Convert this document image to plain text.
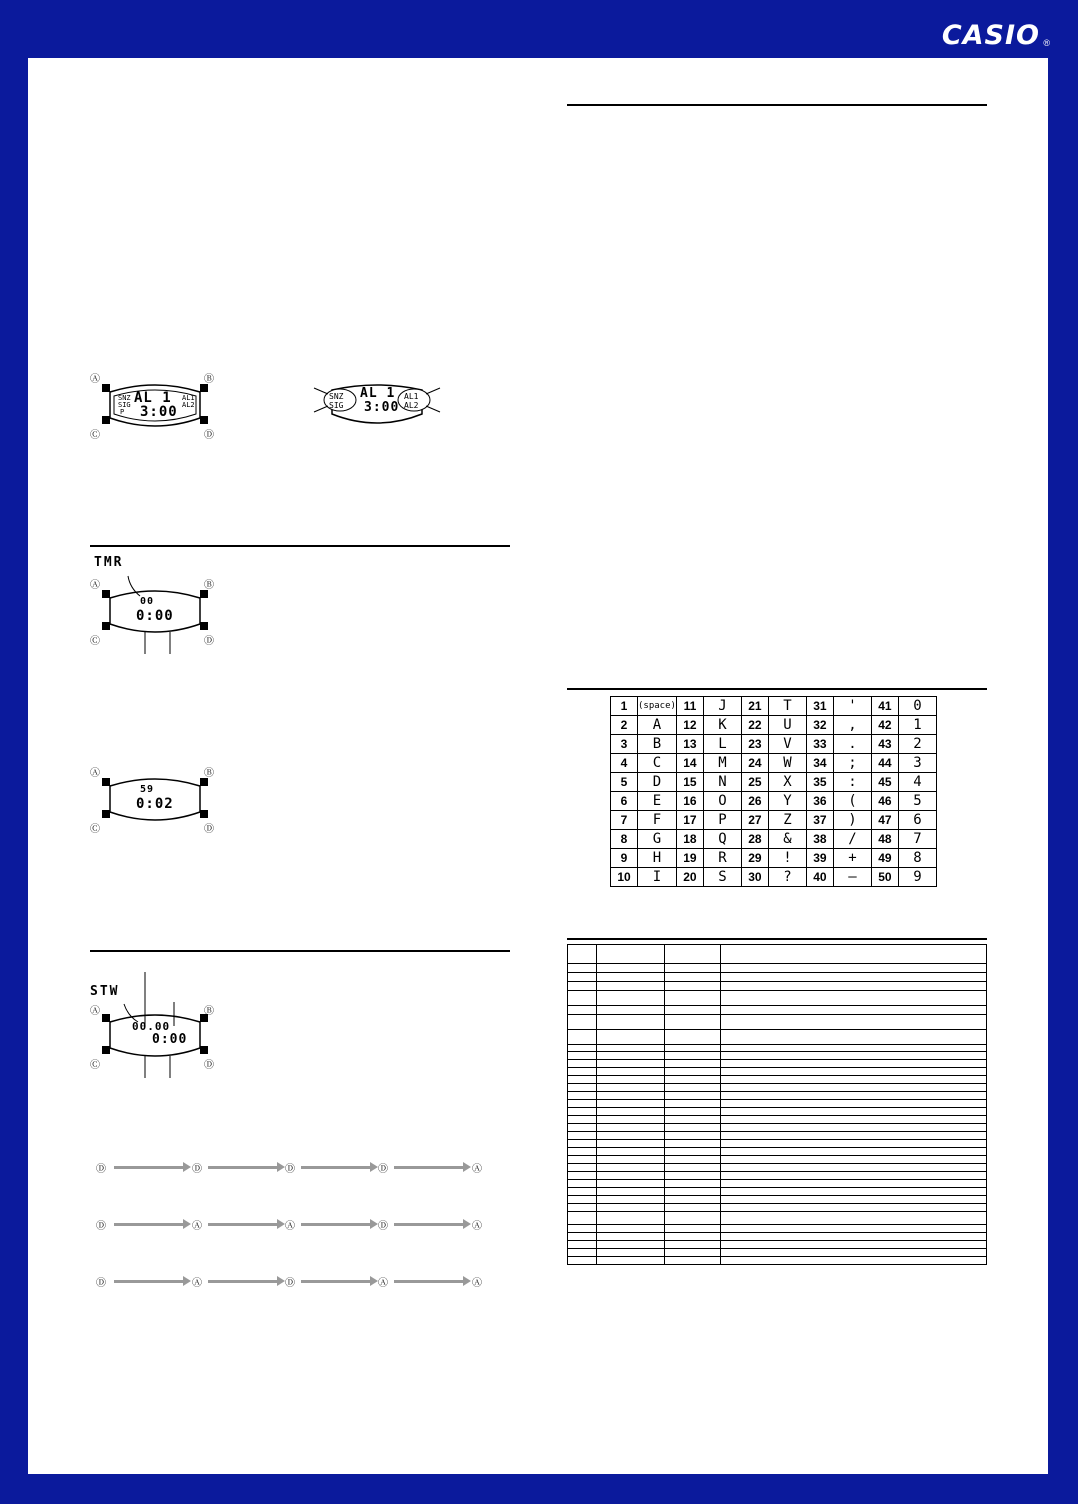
CASIO ®
Ⓐ	Ⓑ
Ⓒ	Ⓓ
SNZ
SIG
P
AL1
AL2
AL 1
3:00
SNZ
SIG
AL1
AL2
AL 1
3:00
TMR
Ⓐ	Ⓑ
Ⓒ	Ⓓ
00
0:00
Ⓐ	Ⓑ
Ⓒ	Ⓓ
59
0:02
STW
Ⓐ	Ⓑ
Ⓒ	Ⓓ
00.00
0:00
Ⓓ	Ⓓ	Ⓓ	Ⓓ	Ⓐ
Ⓓ	Ⓐ	Ⓐ	Ⓓ	Ⓐ
Ⓓ	Ⓐ	Ⓓ	Ⓐ	Ⓐ
1	(space)	11	J	21	T	31	'	41	0
2	A	12	K	22	U	32	,	42	1
3	B	13	L	23	V	33	.	43	2
4	C	14	M	24	W	34	;	44	3
5	D	15	N	25	X	35	:	45	4
6	E	16	O	26	Y	36	(	46	5
7	F	17	P	27	Z	37	)	47	6
8	G	18	Q	28	&	38	/	48	7
9	H	19	R	29	!	39	+	49	8
10	I	20	S	30	?	40	—	50	9
